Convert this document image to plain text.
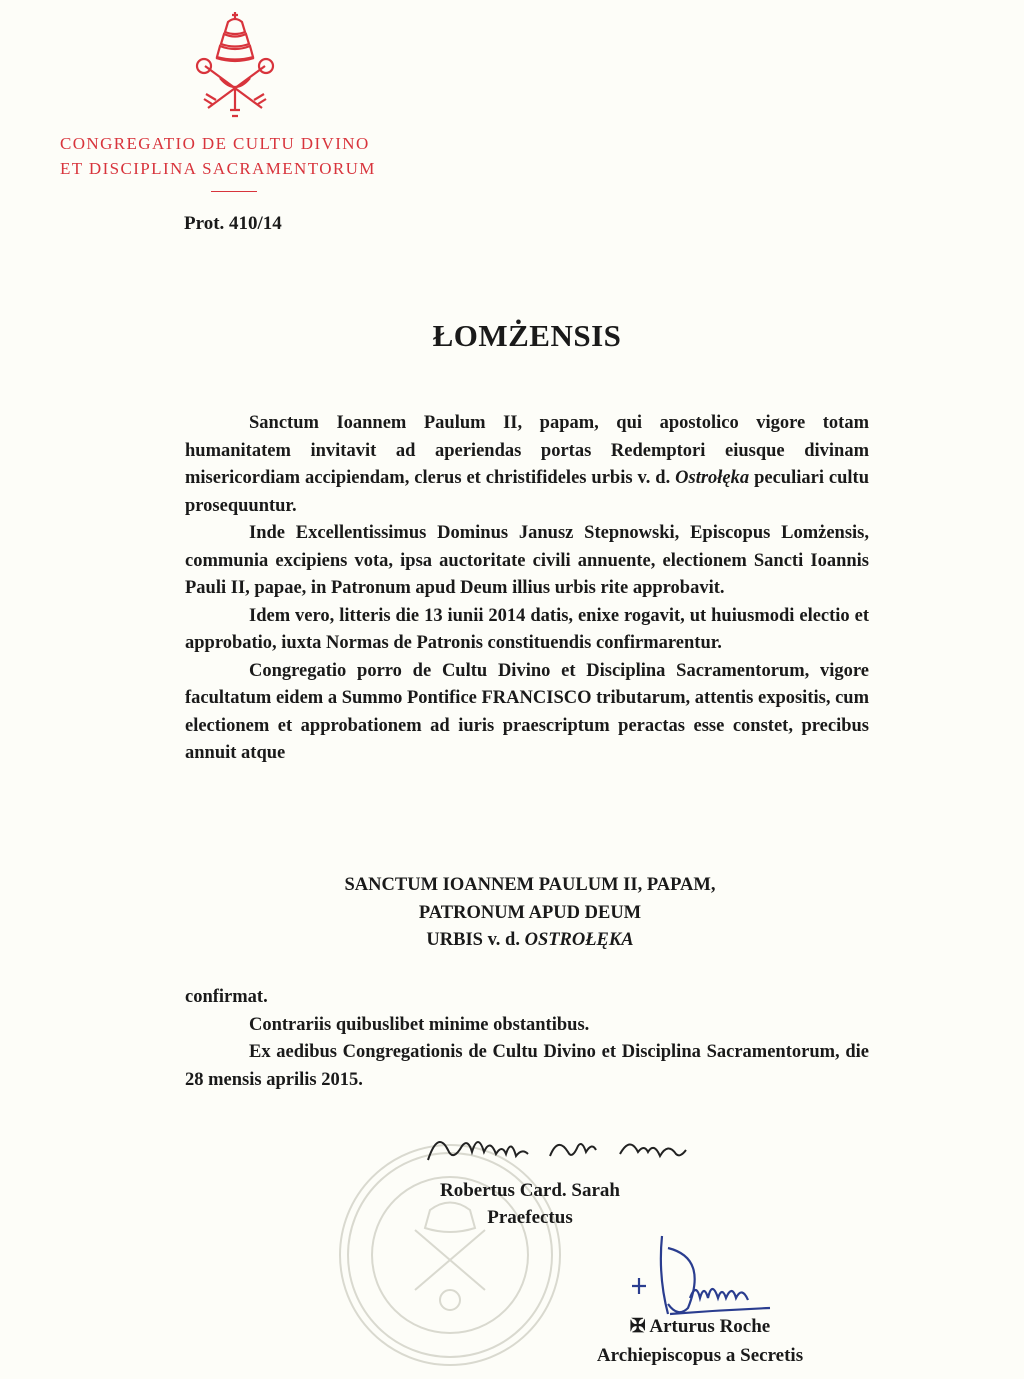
CONGREGATIO DE CULTU DIVINO
ET DISCIPLINA SACRAMENTORUM
Prot. 410/14
ŁOMŻENSIS

Sanctum Ioannem Paulum II, papam, qui apostolico vigore totam humanitatem invitavit ad aperiendas portas Redemptori eiusque divinam misericordiam accipiendam, clerus et christifideles urbis v. d. Ostrołęka peculiari cultu prosequuntur.

Inde Excellentissimus Dominus Janusz Stepnowski, Episcopus Lomżensis, communia excipiens vota, ipsa auctoritate civili annuente, electionem Sancti Ioannis Pauli II, papae, in Patronum apud Deum illius urbis rite approbavit.

Idem vero, litteris die 13 iunii 2014 datis, enixe rogavit, ut huiusmodi electio et approbatio, iuxta Normas de Patronis constituendis confirmarentur.

Congregatio porro de Cultu Divino et Disciplina Sacramentorum, vigore facultatum eidem a Summo Pontifice FRANCISCO tributarum, attentis expositis, cum electionem et approbationem ad iuris praescriptum peractas esse constet, precibus annuit atque

SANCTUM IOANNEM PAULUM II, PAPAM,
PATRONUM APUD DEUM
URBIS v. d. OSTROŁĘKA

confirmat.

Contrariis quibuslibet minime obstantibus.

Ex aedibus Congregationis de Cultu Divino et Disciplina Sacramentorum, die 28 mensis aprilis 2015.

Robertus Card. Sarah
Praefectus
✠ Arturus Roche
Archiepiscopus a Secretis
